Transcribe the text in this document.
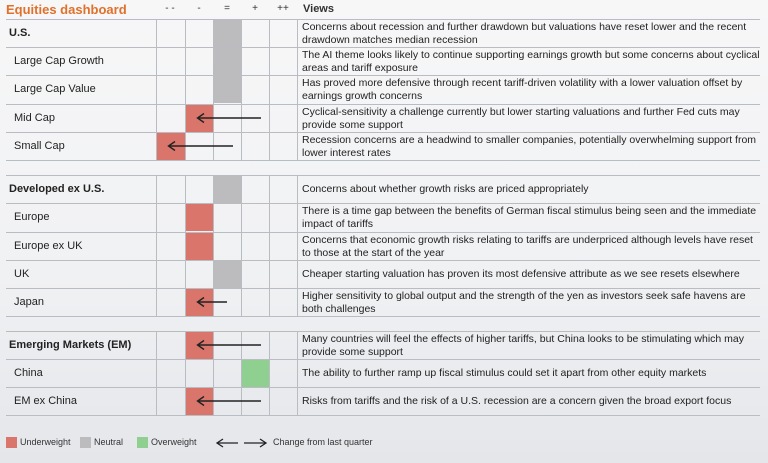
Equities dashboard	- -	-	=	+	++	Views
U.S.	Concerns about recession and further drawdown but valuations have reset lower and the recent drawdown matches median recession
Large Cap Growth	The AI theme looks likely to continue supporting earnings growth but some concerns about cyclical areas and tariff exposure
Large Cap Value	Has proved more defensive through recent tariff-driven volatility with a lower valuation offset by earnings growth concerns
Mid Cap	Cyclical-sensitivity a challenge currently but lower starting valuations and further Fed cuts may provide some support
Small Cap	Recession concerns are a headwind to smaller companies, potentially overwhelming support from lower interest rates
Developed ex U.S.	Concerns about whether growth risks are priced appropriately
Europe	There is a time gap between the benefits of German fiscal stimulus being seen and the immediate impact of tariffs
Europe ex UK	Concerns that economic growth risks relating to tariffs are underpriced although levels have reset to those at the start of the year
UK	Cheaper starting valuation has proven its most defensive attribute as we see resets elsewhere
Japan	Higher sensitivity to global output and the strength of the yen as investors seek safe havens are both challenges
Emerging Markets (EM)	Many countries will feel the effects of higher tariffs, but China looks to be stimulating which may provide some support
China	The ability to further ramp up fiscal stimulus could set it apart from other equity markets
EM ex China	Risks from tariffs and the risk of a U.S. recession are a concern given the broad export focus
Underweight	Neutral	Overweight	Change from last quarter
